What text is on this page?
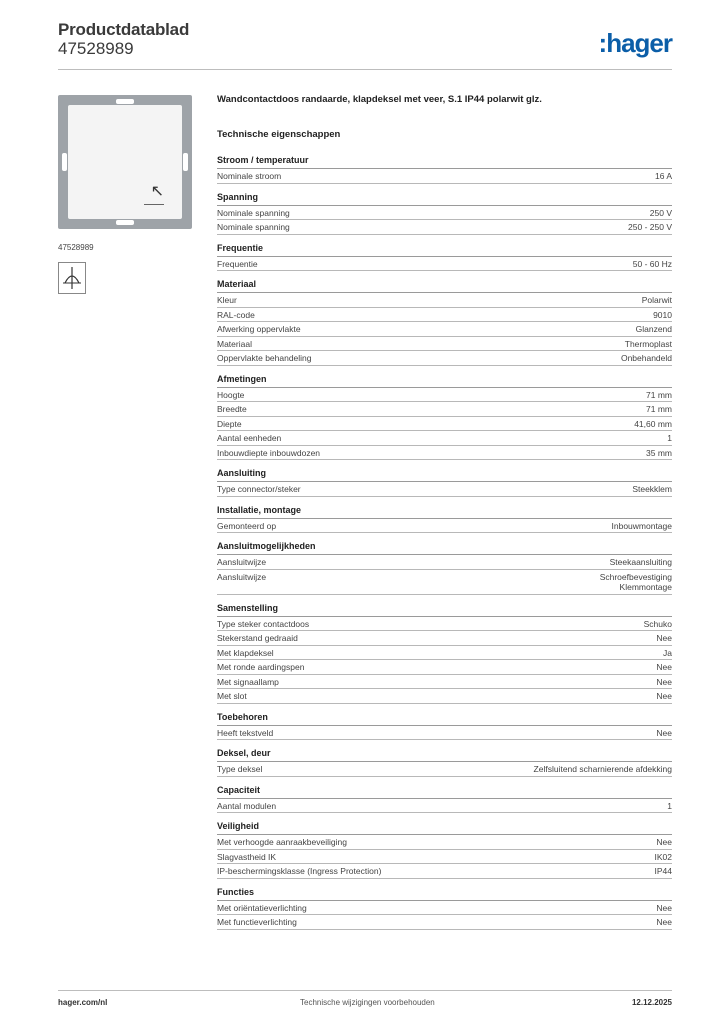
Productdatablad
47528989	:hager
↖
47528989
Wandcontactdoos randaarde, klapdeksel met veer, S.1 IP44 polarwit glz.
Technische eigenschappen
Stroom / temperatuur
Nominale stroom	16 A
Spanning
Nominale spanning	250 V
Nominale spanning	250 - 250 V
Frequentie
Frequentie	50 - 60 Hz
Materiaal
Kleur	Polarwit
RAL-code	9010
Afwerking oppervlakte	Glanzend
Materiaal	Thermoplast
Oppervlakte behandeling	Onbehandeld
Afmetingen
Hoogte	71 mm
Breedte	71 mm
Diepte	41,60 mm
Aantal eenheden	1
Inbouwdiepte inbouwdozen	35 mm
Aansluiting
Type connector/steker	Steekklem
Installatie, montage
Gemonteerd op	Inbouwmontage
Aansluitmogelijkheden
Aansluitwijze	Steekaansluiting
Aansluitwijze	Schroefbevestiging
Klemmontage
Samenstelling
Type steker contactdoos	Schuko
Stekerstand gedraaid	Nee
Met klapdeksel	Ja
Met ronde aardingspen	Nee
Met signaallamp	Nee
Met slot	Nee
Toebehoren
Heeft tekstveld	Nee
Deksel, deur
Type deksel	Zelfsluitend scharnierende afdekking
Capaciteit
Aantal modulen	1
Veiligheid
Met verhoogde aanraakbeveiliging	Nee
Slagvastheid IK	IK02
IP-beschermingsklasse (Ingress Protection)	IP44
Functies
Met oriëntatieverlichting	Nee
Met functieverlichting	Nee
hager.com/nl	Technische wijzigingen voorbehouden	12.12.2025
